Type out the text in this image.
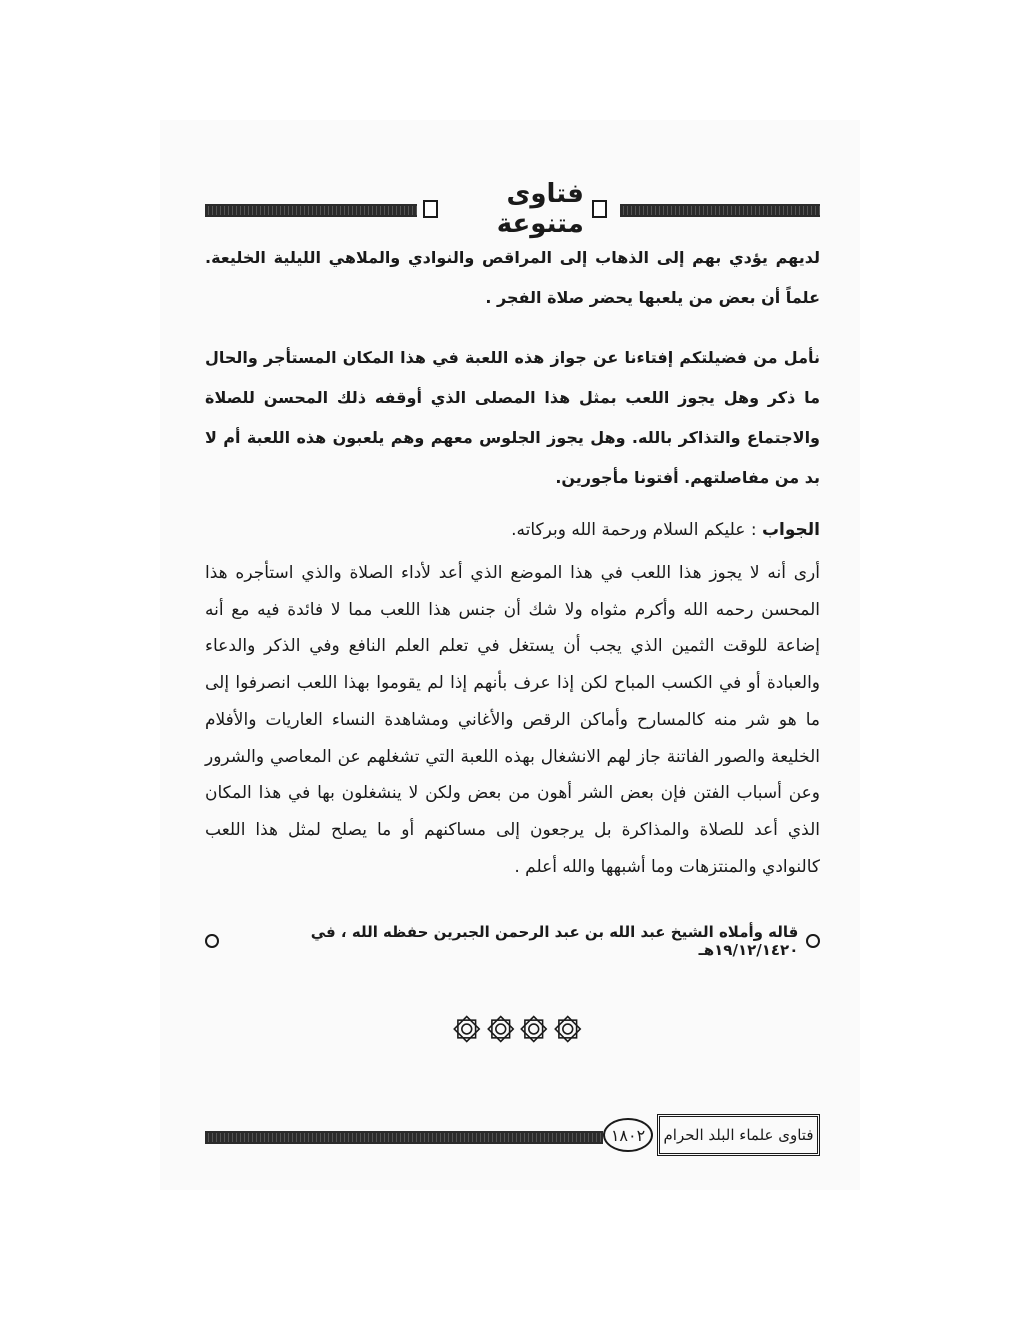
فتاوى متنوعة
لديهم يؤدي بهم إلى الذهاب إلى المراقص والنوادي والملاهي الليلية الخليعة. علماً أن بعض من يلعبها يحضر صلاة الفجر .
نأمل من فضيلتكم إفتاءنا عن جواز هذه اللعبة في هذا المكان المستأجر والحال ما ذكر وهل يجوز اللعب بمثل هذا المصلى الذي أوقفه ذلك المحسن للصلاة والاجتماع والتذاكر بالله. وهل يجوز الجلوس معهم وهم يلعبون هذه اللعبة أم لا بد من مفاصلتهم. أفتونا مأجورين.
الجواب : عليكم السلام ورحمة الله وبركاته.
أرى أنه لا يجوز هذا اللعب في هذا الموضع الذي أعد لأداء الصلاة والذي استأجره هذا المحسن رحمه الله وأكرم مثواه ولا شك أن جنس هذا اللعب مما لا فائدة فيه مع أنه إضاعة للوقت الثمين الذي يجب أن يستغل في تعلم العلم النافع وفي الذكر والدعاء والعبادة أو في الكسب المباح لكن إذا عرف بأنهم إذا لم يقوموا بهذا اللعب انصرفوا إلى ما هو شر منه كالمسارح وأماكن الرقص والأغاني ومشاهدة النساء العاريات والأفلام الخليعة والصور الفاتنة جاز لهم الانشغال بهذه اللعبة التي تشغلهم عن المعاصي والشرور وعن أسباب الفتن فإن بعض الشر أهون من بعض ولكن لا ينشغلون بها في هذا المكان الذي أعد للصلاة والمذاكرة بل يرجعون إلى مساكنهم أو ما يصلح لمثل هذا اللعب كالنوادي والمنتزهات وما أشبهها والله أعلم .
قاله وأملاه الشيخ عبد الله بن عبد الرحمن الجبرين حفظه الله ، في ١٩/١٢/١٤٢٠هـ
١٨٠٢	فتاوى علماء البلد الحرام
